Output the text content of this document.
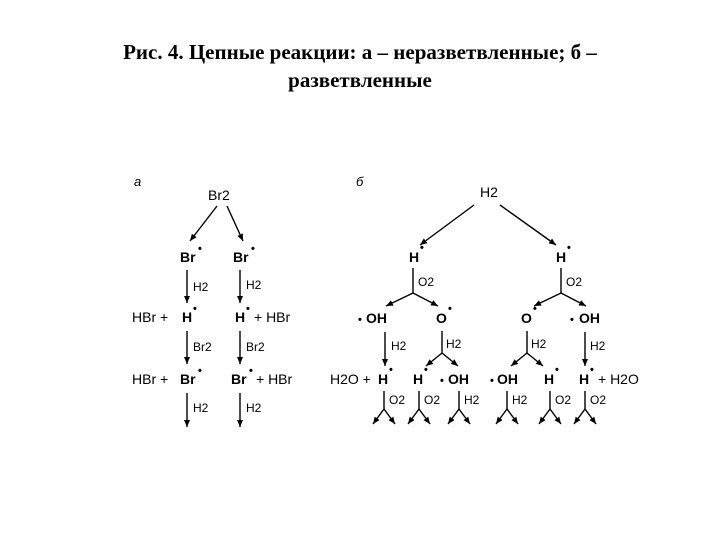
Рис. 4. Цепные реакции: а – неразветвленные; б –
разветвленные
а
Br2
Br • Br •
H2	H2
HBr + H •	H • + HBr
Br2	Br2
HBr + Br • Br • + HBr
H2	H2
б
H2
H
•
H
•
O2	O2
• OH	O
•
O
•
• OH
H2	H2	H2	H2
H2O + H
•
H
•
• OH • OH H
•
H
•
+ H2O
O2 O2 H2	H2 O2 O2
